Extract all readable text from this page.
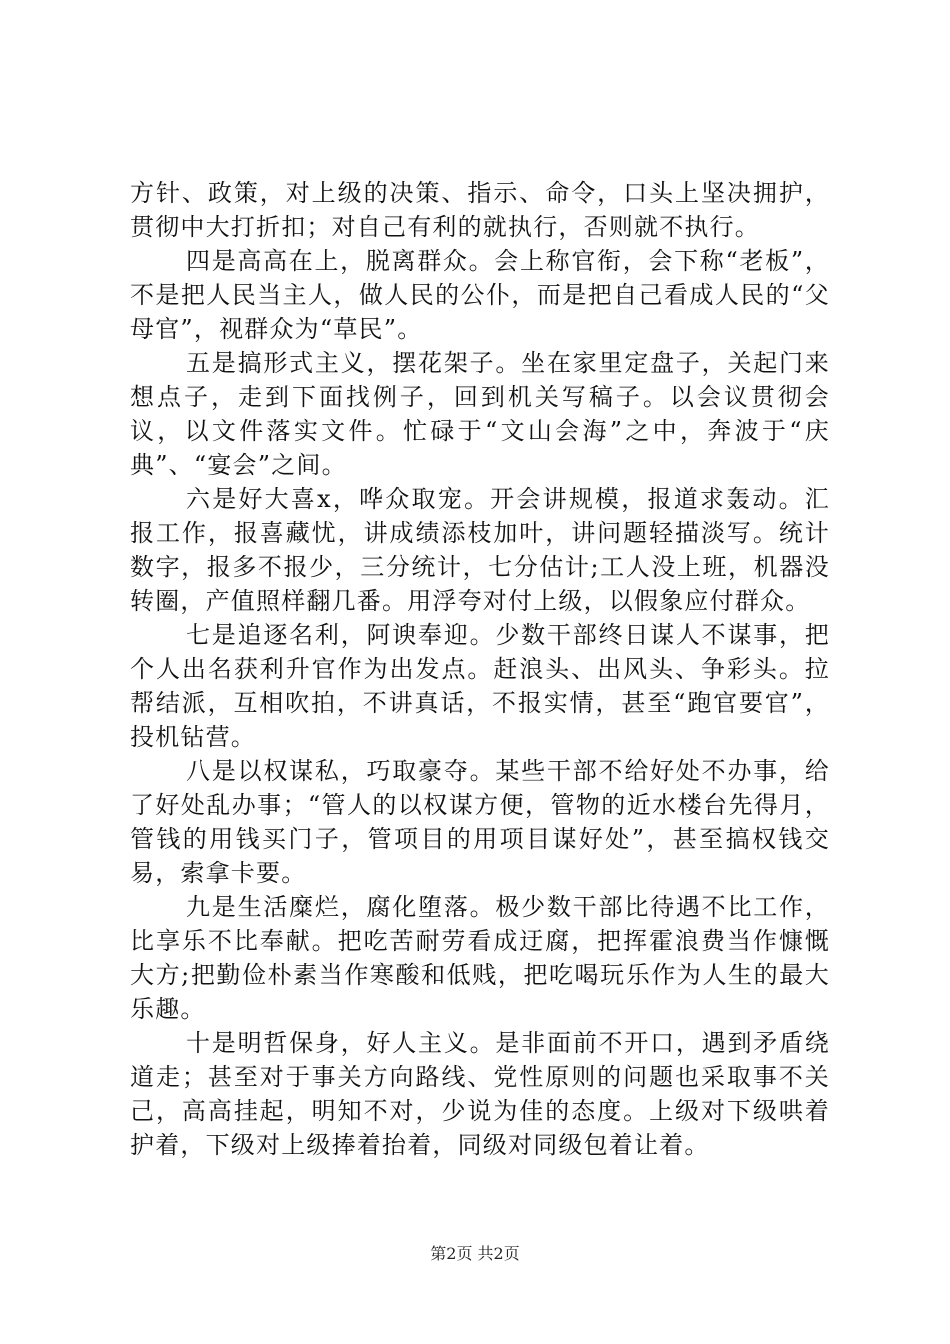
方针、政策，对上级的决策、指示、命令，口头上坚决拥护，贯彻中大打折扣；对自己有利的就执行，否则就不执行。

四是高高在上，脱离群众。会上称官衔，会下称“老板”，不是把人民当主人，做人民的公仆，而是把自己看成人民的“父母官”，视群众为“草民”。

五是搞形式主义，摆花架子。坐在家里定盘子，关起门来想点子，走到下面找例子，回到机关写稿子。以会议贯彻会议，以文件落实文件。忙碌于“文山会海”之中，奔波于“庆典”、“宴会”之间。

六是好大喜x，哗众取宠。开会讲规模，报道求轰动。汇报工作，报喜藏忧，讲成绩添枝加叶，讲问题轻描淡写。统计数字，报多不报少，三分统计，七分估计;工人没上班，机器没转圈，产值照样翻几番。用浮夸对付上级，以假象应付群众。

七是追逐名利，阿谀奉迎。少数干部终日谋人不谋事，把个人出名获利升官作为出发点。赶浪头、出风头、争彩头。拉帮结派，互相吹拍，不讲真话，不报实情，甚至“跑官要官”，投机钻营。

八是以权谋私，巧取豪夺。某些干部不给好处不办事，给了好处乱办事；“管人的以权谋方便，管物的近水楼台先得月，管钱的用钱买门子，管项目的用项目谋好处”，甚至搞权钱交易，索拿卡要。

九是生活糜烂，腐化堕落。极少数干部比待遇不比工作，比享乐不比奉献。把吃苦耐劳看成迂腐，把挥霍浪费当作慷慨大方;把勤俭朴素当作寒酸和低贱，把吃喝玩乐作为人生的最大乐趣。

十是明哲保身，好人主义。是非面前不开口，遇到矛盾绕道走；甚至对于事关方向路线、党性原则的问题也采取事不关己，高高挂起，明知不对，少说为佳的态度。上级对下级哄着护着，下级对上级捧着抬着，同级对同级包着让着。

第2页 共2页
